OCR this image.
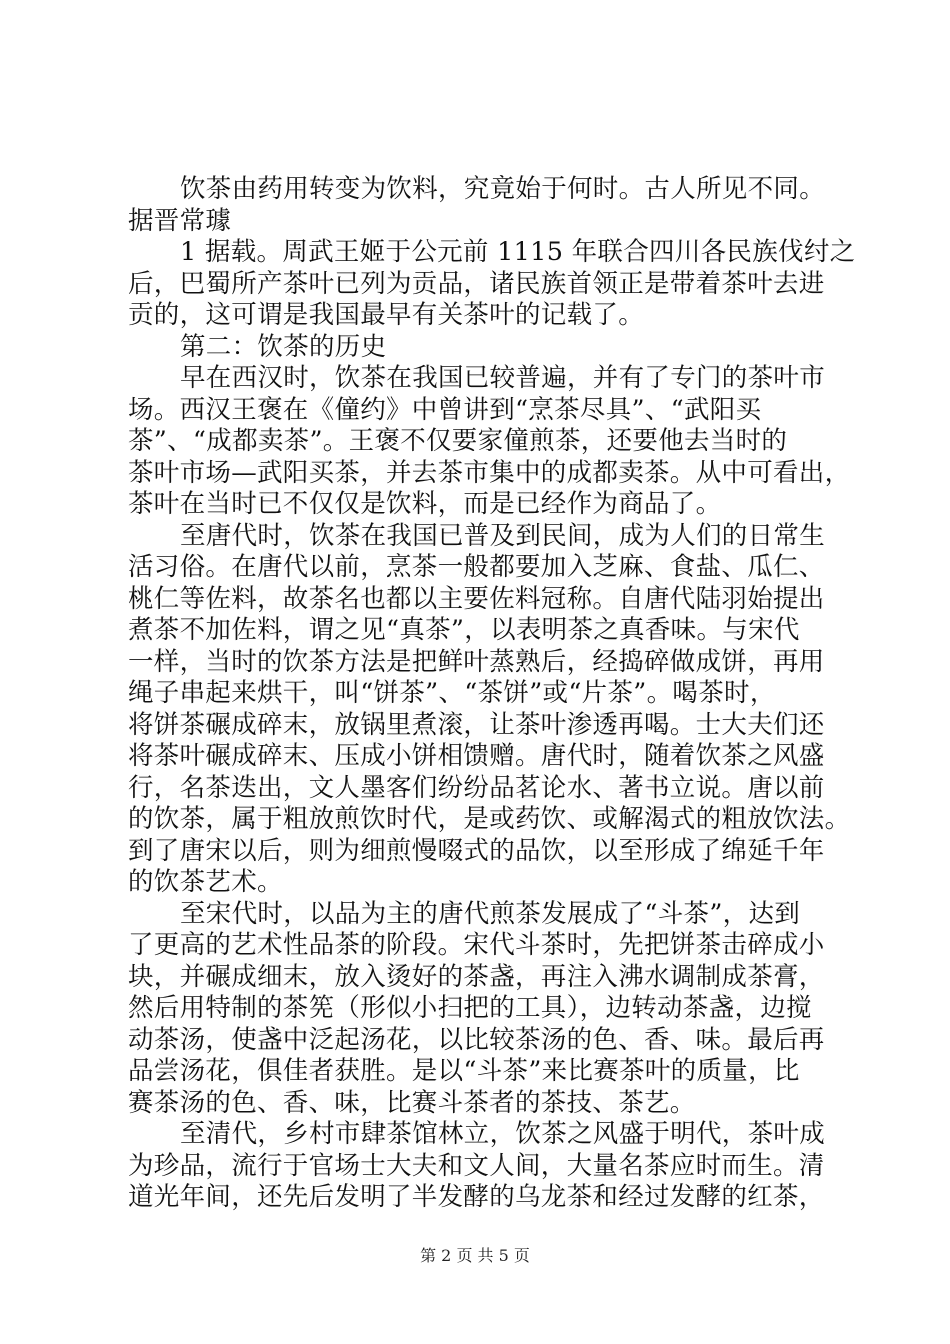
饮茶由药用转变为饮料，究竟始于何时。古人所见不同。
据晋常璩
1 据载。周武王姬于公元前 1115 年联合四川各民族伐纣之
后，巴蜀所产茶叶已列为贡品，诸民族首领正是带着茶叶去进
贡的，这可谓是我国最早有关茶叶的记载了。
第二：饮茶的历史
早在西汉时，饮茶在我国已较普遍，并有了专门的茶叶市
场。西汉王褒在《僮约》中曾讲到“烹茶尽具”、“武阳买
茶”、“成都卖茶”。王褒不仅要家僮煎茶，还要他去当时的
茶叶市场—武阳买茶，并去茶市集中的成都卖茶。从中可看出，
茶叶在当时已不仅仅是饮料，而是已经作为商品了。
至唐代时，饮茶在我国已普及到民间，成为人们的日常生
活习俗。在唐代以前，烹茶一般都要加入芝麻、食盐、瓜仁、
桃仁等佐料，故茶名也都以主要佐料冠称。自唐代陆羽始提出
煮茶不加佐料，谓之见“真茶”，以表明茶之真香味。与宋代
一样，当时的饮茶方法是把鲜叶蒸熟后，经捣碎做成饼，再用
绳子串起来烘干，叫“饼茶”、“茶饼”或“片茶”。喝茶时，
将饼茶碾成碎末，放锅里煮滚，让茶叶渗透再喝。士大夫们还
将茶叶碾成碎末、压成小饼相馈赠。唐代时，随着饮茶之风盛
行，名茶迭出，文人墨客们纷纷品茗论水、著书立说。唐以前
的饮茶，属于粗放煎饮时代，是或药饮、或解渴式的粗放饮法。
到了唐宋以后，则为细煎慢啜式的品饮，以至形成了绵延千年
的饮茶艺术。
至宋代时，以品为主的唐代煎茶发展成了“斗茶”，达到
了更高的艺术性品茶的阶段。宋代斗茶时，先把饼茶击碎成小
块，并碾成细末，放入烫好的茶盏，再注入沸水调制成茶膏，
然后用特制的茶筅（形似小扫把的工具），边转动茶盏，边搅
动茶汤，使盏中泛起汤花，以比较茶汤的色、香、味。最后再
品尝汤花，俱佳者获胜。是以“斗茶”来比赛茶叶的质量，比
赛茶汤的色、香、味，比赛斗茶者的茶技、茶艺。
至清代，乡村市肆茶馆林立，饮茶之风盛于明代，茶叶成
为珍品，流行于官场士大夫和文人间，大量名茶应时而生。清
道光年间，还先后发明了半发酵的乌龙茶和经过发酵的红茶，
第 2 页 共 5 页
